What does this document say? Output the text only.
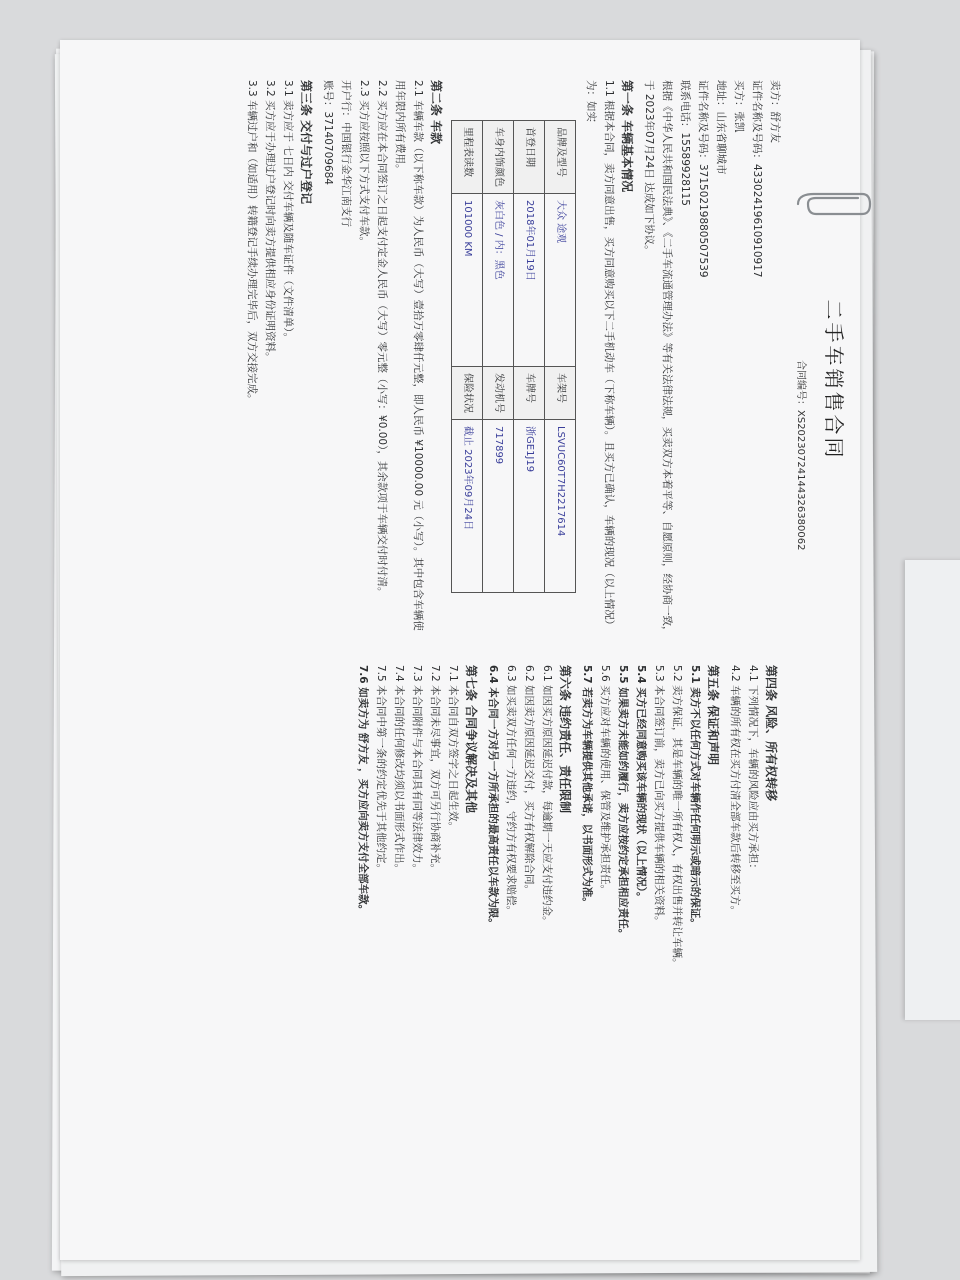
二手车销售合同
合同编号：XS20230724144326380062
卖方：舒方友
证件名称及号码：43302419610910917
买方：张凯
地址：山东省聊城市
证件名称及号码：37150219880507539
联系电话：15589928115
根据《中华人民共和国民法典》、《二手车流通管理办法》等有关法律法规，买卖双方本着平等、自愿原则，经协商一致，于 2023年07月24日 达成如下协议。
第一条 车辆基本情况
1.1 根据本合同，卖方同意出售，买方同意购买以下二手机动车（下称车辆）。且买方已确认，车辆的现况（以上情况）为：如实
品牌及型号	大众 途观	车架号	LSVUC60T7H2217614
首登日期	2018年01月19日	车牌号	浙GE1J19
车身内饰颜色	灰白色 / 内：黑色	发动机号	717899
里程表读数	101000 KM	保险状况	截止 2023年09月24日
第二条 车款
2.1 车辆车款（以下称车款）为人民币（大写）壹拾万零肆仟元整，即人民币 ¥10000.00 元（小写）。其中包含车辆使用年限内所有费用。
2.2 买方应在本合同签订之日起支付定金人民币（大写）零元整（小写：¥0.00），其余款项于车辆交付时付清。
2.3 买方应按照以下方式支付车款。
开户行：中国银行金华江南支行
账号：37140709684
第三条 交付与过户登记
3.1 卖方应于 七日内 交付车辆及随车证件（文件清单）。
3.2 买方应于办理过户登记时向卖方提供相应身份证明资料。
3.3 车辆过户和（如适用）转籍登记手续办理完毕后，双方交接完成。
第四条 风险、所有权转移
4.1 下列情况下，车辆的风险应由买方承担：
4.2 车辆的所有权在买方付清全部车款后转移至买方。
第五条 保证和声明
5.1 卖方不以任何方式对车辆作任何明示或暗示的保证。
5.2 卖方保证，其是车辆的唯一所有权人，有权出售并转让车辆。
5.3 本合同签订前，卖方已向买方提供车辆的相关资料。
5.4 买方已经同意购买该车辆的现状（以上情况）。
5.5 如果卖方未能如约履行，卖方应按约定承担相应责任。
5.6 买方应对车辆的使用、保管及维护承担责任。
5.7 若卖方为车辆提供其他承诺，以书面形式为准。
第六条 违约责任、责任限制
6.1 如因买方原因延迟付款，每逾期一天应支付违约金。
6.2 如因卖方原因延迟交付，买方有权解除合同。
6.3 如买卖双方任何一方违约，守约方有权要求赔偿。
6.4 本合同一方对另一方所承担的最高责任以车款为限。
第七条 合同争议解决及其他
7.1 本合同自双方签字之日起生效。
7.2 本合同未尽事宜，双方可另行协商补充。
7.3 本合同附件与本合同具有同等法律效力。
7.4 本合同的任何修改均须以书面形式作出。
7.5 本合同中第一条的约定优先于其他约定。
7.6 如卖方为 舒方友 ，买方应向卖方支付全部车款。
